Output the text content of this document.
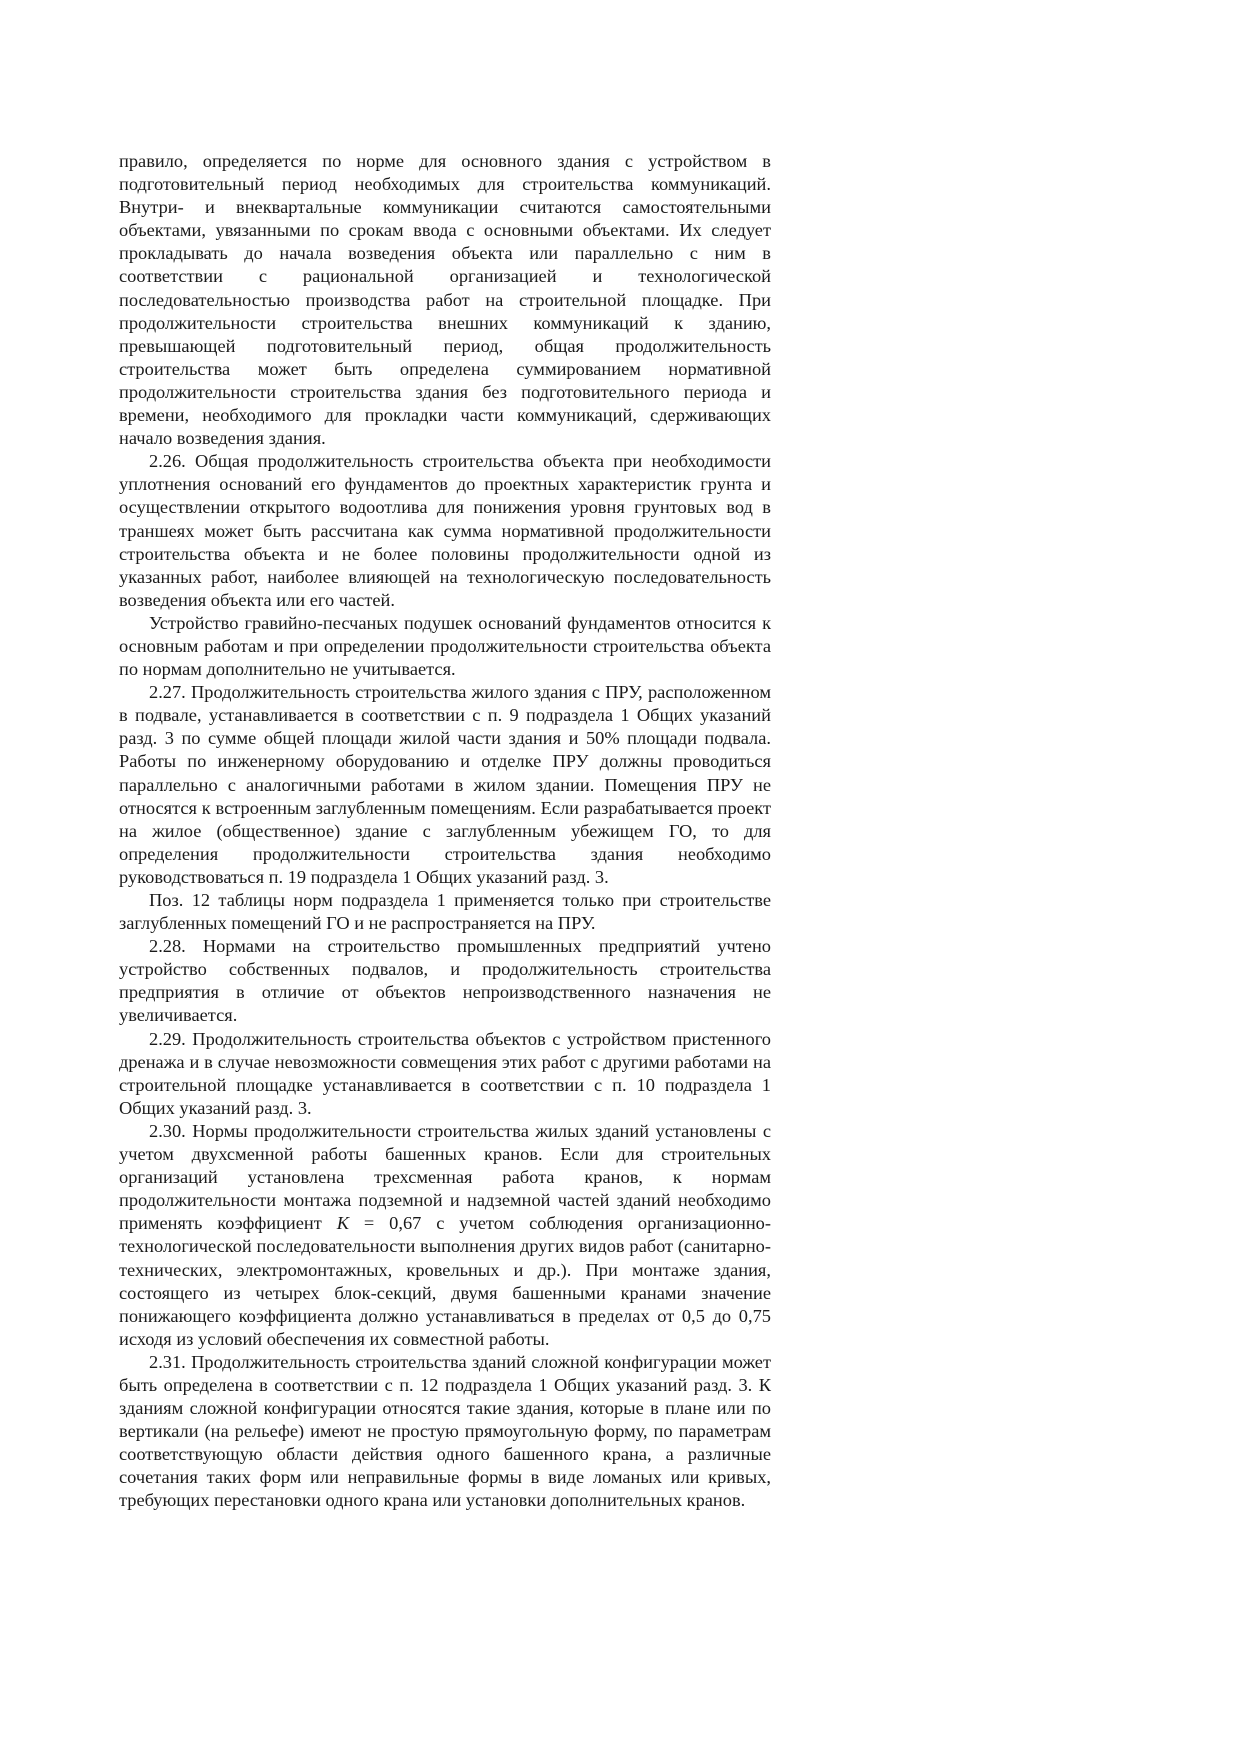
правило, определяется по норме для основного здания с устройством в подготовительный период необходимых для строительства коммуникаций. Внутри- и внеквартальные коммуникации считаются самостоятельными объектами, увязанными по срокам ввода с основными объектами. Их следует прокладывать до начала возведения объекта или параллельно с ним в соответствии с рациональной организацией и технологической последовательностью производства работ на строительной площадке. При продолжительности строительства внешних коммуникаций к зданию, превышающей подготовительный период, общая продолжительность строительства может быть определена суммированием нормативной продолжительности строительства здания без подготовительного периода и времени, необходимого для прокладки части коммуникаций, сдерживающих начало возведения здания.

2.26. Общая продолжительность строительства объекта при необходимости уплотнения оснований его фундаментов до проектных характеристик грунта и осуществлении открытого водоотлива для понижения уровня грунтовых вод в траншеях может быть рассчитана как сумма нормативной продолжительности строительства объекта и не более половины продолжительности одной из указанных работ, наиболее влияющей на технологическую последовательность возведения объекта или его частей.

Устройство гравийно-песчаных подушек оснований фундаментов относится к основным работам и при определении продолжительности строительства объекта по нормам дополнительно не учитывается.

2.27. Продолжительность строительства жилого здания с ПРУ, расположенном в подвале, устанавливается в соответствии с п. 9 подраздела 1 Общих указаний разд. 3 по сумме общей площади жилой части здания и 50% площади подвала. Работы по инженерному оборудованию и отделке ПРУ должны проводиться параллельно с аналогичными работами в жилом здании. Помещения ПРУ не относятся к встроенным заглубленным помещениям. Если разрабатывается проект на жилое (общественное) здание с заглубленным убежищем ГО, то для определения продолжительности строительства здания необходимо руководствоваться п. 19 подраздела 1 Общих указаний разд. 3.

Поз. 12 таблицы норм подраздела 1 применяется только при строительстве заглубленных помещений ГО и не распространяется на ПРУ.

2.28. Нормами на строительство промышленных предприятий учтено устройство собственных подвалов, и продолжительность строительства предприятия в отличие от объектов непроизводственного назначения не увеличивается.

2.29. Продолжительность строительства объектов с устройством пристенного дренажа и в случае невозможности совмещения этих работ с другими работами на строительной площадке устанавливается в соответствии с п. 10 подраздела 1 Общих указаний разд. 3.

2.30. Нормы продолжительности строительства жилых зданий установлены с учетом двухсменной работы башенных кранов. Если для строительных организаций установлена трехсменная работа кранов, к нормам продолжительности монтажа подземной и надземной частей зданий необходимо применять коэффициент K = 0,67 с учетом соблюдения организационно-технологической последовательности выполнения других видов работ (санитарно-технических, электромонтажных, кровельных и др.). При монтаже здания, состоящего из четырех блок-секций, двумя башенными кранами значение понижающего коэффициента должно устанавливаться в пределах от 0,5 до 0,75 исходя из условий обеспечения их совместной работы.

2.31. Продолжительность строительства зданий сложной конфигурации может быть определена в соответствии с п. 12 подраздела 1 Общих указаний разд. 3. К зданиям сложной конфигурации относятся такие здания, которые в плане или по вертикали (на рельефе) имеют не простую прямоугольную форму, по параметрам соответствующую области действия одного башенного крана, а различные сочетания таких форм или неправильные формы в виде ломаных или кривых, требующих перестановки одного крана или установки дополнительных кранов.
